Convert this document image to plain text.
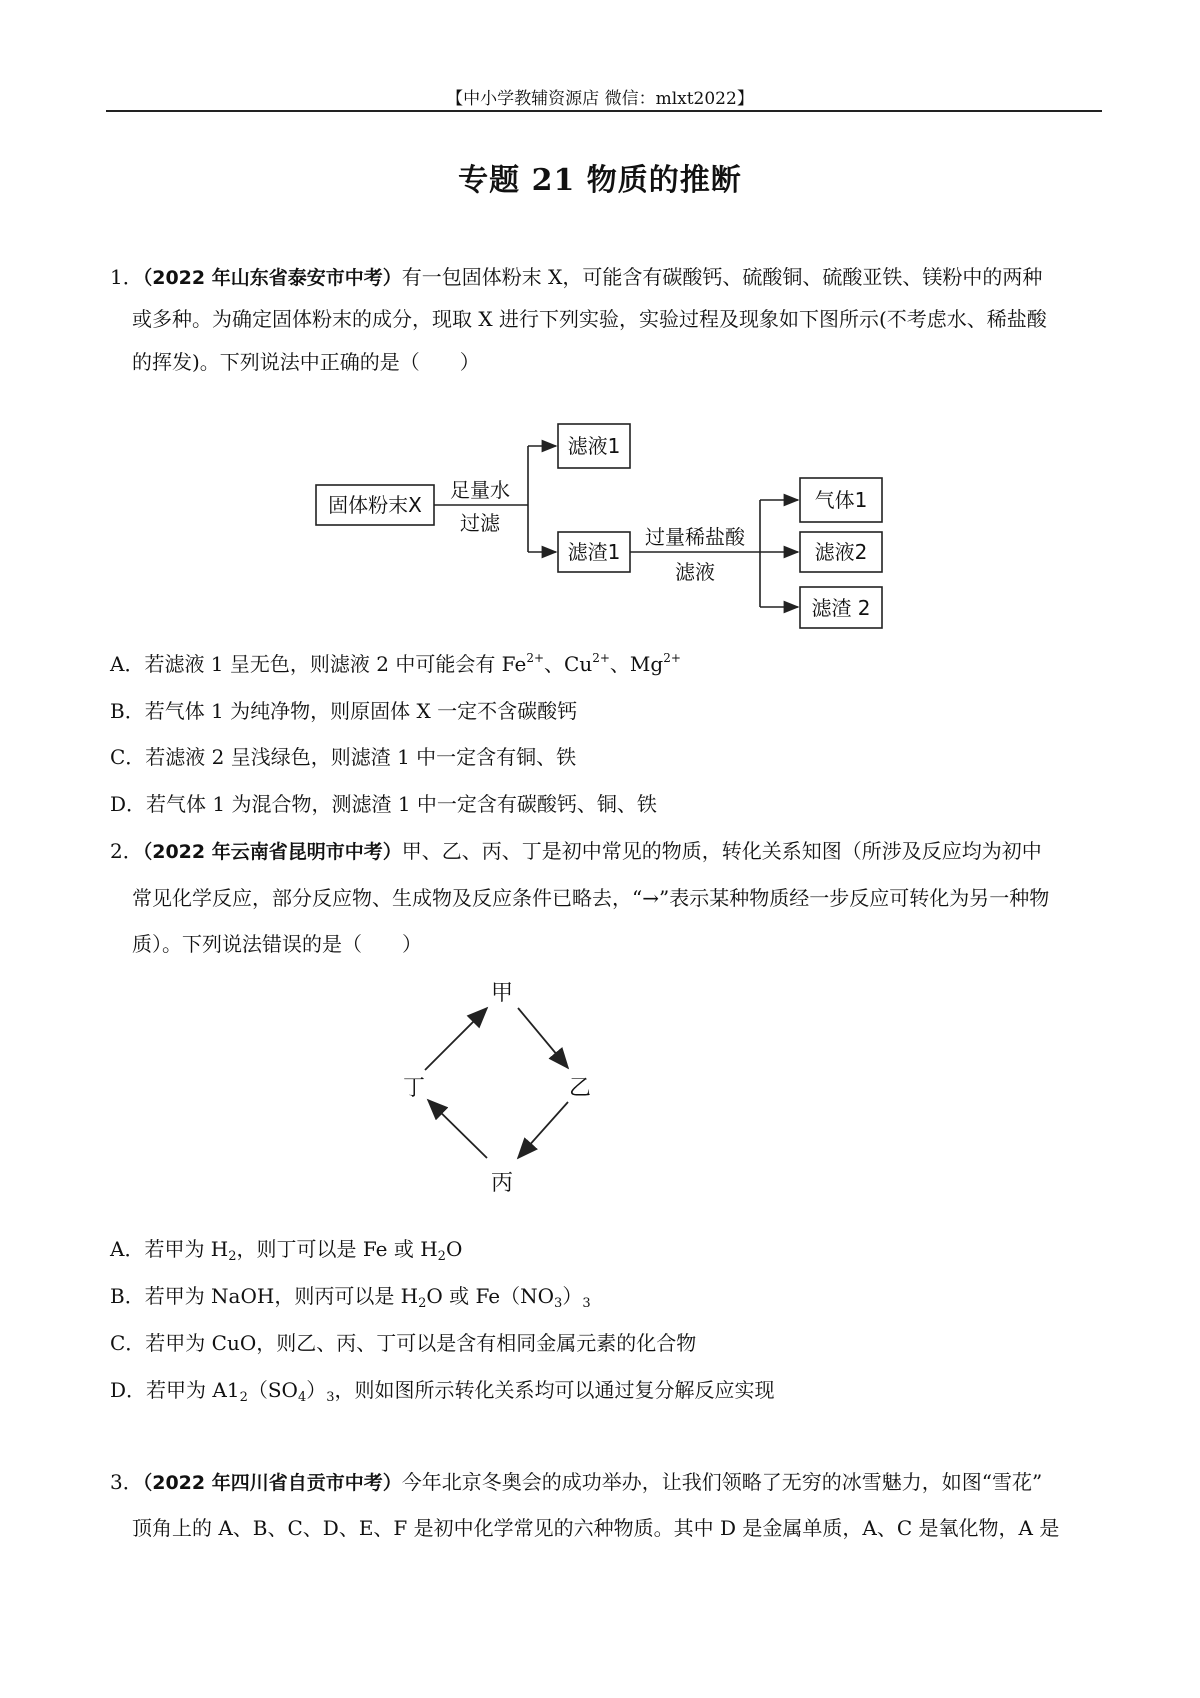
【中小学教辅资源店 微信：mlxt2022】
专题 21 物质的推断
1．（2022 年山东省泰安市中考）有一包固体粉末 X，可能含有碳酸钙、硫酸铜、硫酸亚铁、镁粉中的两种
或多种。为确定固体粉末的成分，现取 X 进行下列实验，实验过程及现象如下图所示(不考虑水、稀盐酸
的挥发)。下列说法中正确的是（　　）
固体粉末X
滤液1
滤渣1
气体1
滤液2
滤渣 2
足量水
过滤
过量稀盐酸
滤液
A．若滤液 1 呈无色，则滤液 2 中可能会有 $Fe^{2+}$、$Cu^{2+}$、$Mg^{2+}$
B．若气体 1 为纯净物，则原固体 X 一定不含碳酸钙
C．若滤液 2 呈浅绿色，则滤渣 1 中一定含有铜、铁
D．若气体 1 为混合物，测滤渣 1 中一定含有碳酸钙、铜、铁
2．（2022 年云南省昆明市中考）甲、乙、丙、丁是初中常见的物质，转化关系知图（所涉及反应均为初中
常见化学反应，部分反应物、生成物及反应条件已略去，“→”表示某种物质经一步反应可转化为另一种物
质）。下列说法错误的是（　　）
甲
乙
丙
丁
A．若甲为 $H_2$，则丁可以是 Fe 或 $H_2O$
B．若甲为 NaOH，则丙可以是 $H_2O$ 或 $Fe(NO_3)_3$
C．若甲为 CuO，则乙、丙、丁可以是含有相同金属元素的化合物
D．若甲为 $A1_2(SO_4)_3$，则如图所示转化关系均可以通过复分解反应实现
3．（2022 年四川省自贡市中考）今年北京冬奥会的成功举办，让我们领略了无穷的冰雪魅力，如图“雪花”
顶角上的 A、B、C、D、E、F 是初中化学常见的六种物质。其中 D 是金属单质，A、C 是氧化物，A 是
